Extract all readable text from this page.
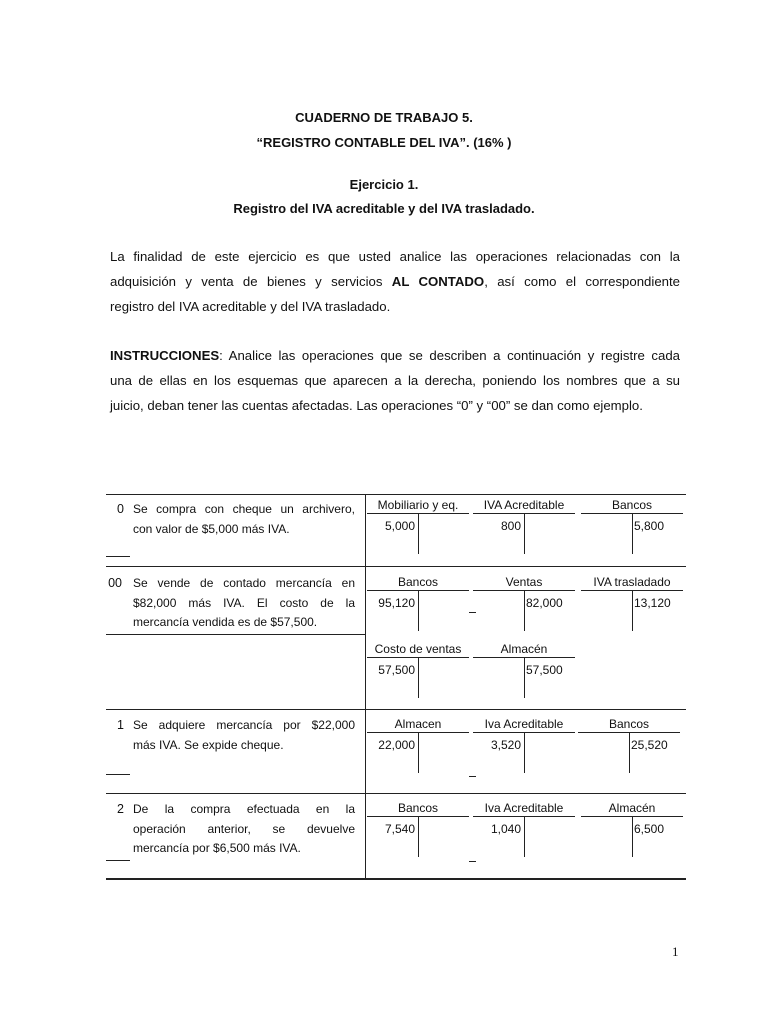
CUADERNO DE TRABAJO 5.
“REGISTRO CONTABLE DEL IVA”. (16% )
Ejercicio 1.
Registro del IVA acreditable y del IVA trasladado.
La finalidad de este ejercicio es que usted analice las operaciones relacionadas con la
adquisición y venta de bienes y servicios AL CONTADO, así como el correspondiente
registro del IVA acreditable y del IVA trasladado.
INSTRUCCIONES: Analice las operaciones que se describen a continuación y registre cada
una de ellas en los esquemas que aparecen a la derecha, poniendo los nombres que a su
juicio, deban tener las cuentas afectadas. Las operaciones “0” y “00” se dan como ejemplo.
0 Se compra con cheque un archivero,
con valor de $5,000 más IVA.
Mobiliario y eq.
5,000
IVA Acreditable
800
Bancos
5,800
00 Se vende de contado mercancía en
$82,000 más IVA. El costo de la
mercancía vendida es de $57,500.
Bancos
95,120
Ventas
82,000
IVA trasladado
13,120
Costo de ventas
57,500
Almacén
57,500
1 Se adquiere mercancía por $22,000
más IVA. Se expide cheque.
Almacen
22,000
Iva Acreditable
3,520
Bancos
25,520
2 De la compra efectuada en la
operación anterior, se devuelve
mercancía por $6,500 más IVA.
Bancos
7,540
Iva Acreditable
1,040
Almacén
6,500
1
